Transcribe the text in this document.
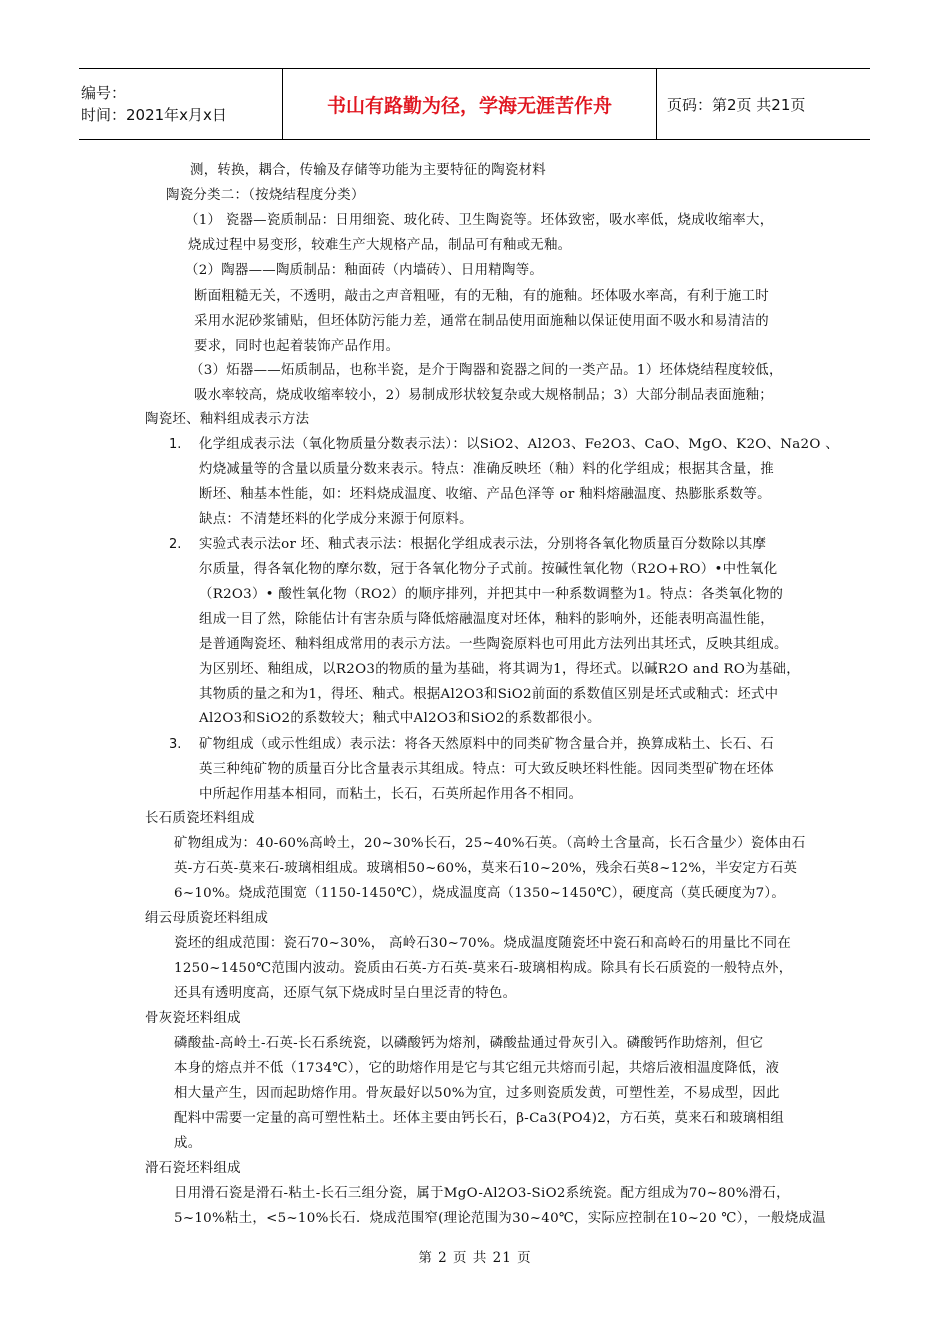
编号：
时间：2021年x月x日	书山有路勤为径，学海无涯苦作舟	页码：第2页 共21页
测，转换，耦合，传输及存储等功能为主要特征的陶瓷材料
陶瓷分类二：（按烧结程度分类）
（1） 瓷器—瓷质制品：日用细瓷、玻化砖、卫生陶瓷等。坯体致密，吸水率低，烧成收缩率大，
烧成过程中易变形，较难生产大规格产品，制品可有釉或无釉。
（2）陶器——陶质制品：釉面砖（内墙砖）、日用精陶等。
断面粗糙无关，不透明，敲击之声音粗哑，有的无釉，有的施釉。坯体吸水率高，有利于施工时
采用水泥砂浆铺贴，但坯体防污能力差，通常在制品使用面施釉以保证使用面不吸水和易清洁的
要求，同时也起着装饰产品作用。
（3）炻器——炻质制品，也称半瓷，是介于陶器和瓷器之间的一类产品。1）坯体烧结程度较低，
吸水率较高，烧成收缩率较小，2）易制成形状较复杂或大规格制品；3）大部分制品表面施釉；
陶瓷坯、釉料组成表示方法
1. 化学组成表示法（氧化物质量分数表示法）：以SiO2、Al2O3、Fe2O3、CaO、MgO、K2O、Na2O 、
灼烧减量等的含量以质量分数来表示。特点：准确反映坯（釉）料的化学组成；根据其含量，推
断坯、釉基本性能，如：坯料烧成温度、收缩、产品色泽等 or 釉料熔融温度、热膨胀系数等。
缺点：不清楚坯料的化学成分来源于何原料。
2. 实验式表示法or 坯、釉式表示法：根据化学组成表示法，分别将各氧化物质量百分数除以其摩
尔质量，得各氧化物的摩尔数，冠于各氧化物分子式前。按碱性氧化物（R2O+RO）•中性氧化
（R2O3）• 酸性氧化物（RO2）的顺序排列，并把其中一种系数调整为1。特点：各类氧化物的
组成一目了然，除能估计有害杂质与降低熔融温度对坯体，釉料的影响外，还能表明高温性能，
是普通陶瓷坯、釉料组成常用的表示方法。一些陶瓷原料也可用此方法列出其坯式，反映其组成。
为区别坯、釉组成，以R2O3的物质的量为基础，将其调为1，得坯式。以碱R2O and RO为基础，
其物质的量之和为1，得坯、釉式。根据Al2O3和SiO2前面的系数值区别是坯式或釉式：坯式中
Al2O3和SiO2的系数较大；釉式中Al2O3和SiO2的系数都很小。
3. 矿物组成（或示性组成）表示法：将各天然原料中的同类矿物含量合并，换算成粘土、长石、石
英三种纯矿物的质量百分比含量表示其组成。特点：可大致反映坯料性能。因同类型矿物在坯体
中所起作用基本相同，而粘土，长石，石英所起作用各不相同。
长石质瓷坯料组成
矿物组成为：40-60%高岭土，20~30%长石，25~40%石英。（高岭土含量高，长石含量少）瓷体由石
英-方石英-莫来石-玻璃相组成。玻璃相50~60%，莫来石10~20%，残余石英8~12%，半安定方石英
6~10%。烧成范围宽（1150-1450℃），烧成温度高（1350~1450℃），硬度高（莫氏硬度为7）。
绢云母质瓷坯料组成
瓷坯的组成范围：瓷石70~30%， 高岭石30~70%。烧成温度随瓷坯中瓷石和高岭石的用量比不同在
1250~1450℃范围内波动。瓷质由石英-方石英-莫来石-玻璃相构成。除具有长石质瓷的一般特点外，
还具有透明度高，还原气氛下烧成时呈白里泛青的特色。
骨灰瓷坯料组成
磷酸盐-高岭土-石英-长石系统瓷，以磷酸钙为熔剂，磷酸盐通过骨灰引入。磷酸钙作助熔剂，但它
本身的熔点并不低（1734℃），它的助熔作用是它与其它组元共熔而引起，共熔后液相温度降低，液
相大量产生，因而起助熔作用。骨灰最好以50%为宜，过多则瓷质发黄，可塑性差，不易成型，因此
配料中需要一定量的高可塑性粘土。坯体主要由钙长石，β-Ca3(PO4)2，方石英，莫来石和玻璃相组
成。
滑石瓷坯料组成
日用滑石瓷是滑石-粘土-长石三组分瓷，属于MgO-Al2O3-SiO2系统瓷。配方组成为70~80%滑石，
5~10%粘土，<5~10%长石．烧成范围窄(理论范围为30~40℃，实际应控制在10~20 ℃），一般烧成温
第 2 页 共 21 页
